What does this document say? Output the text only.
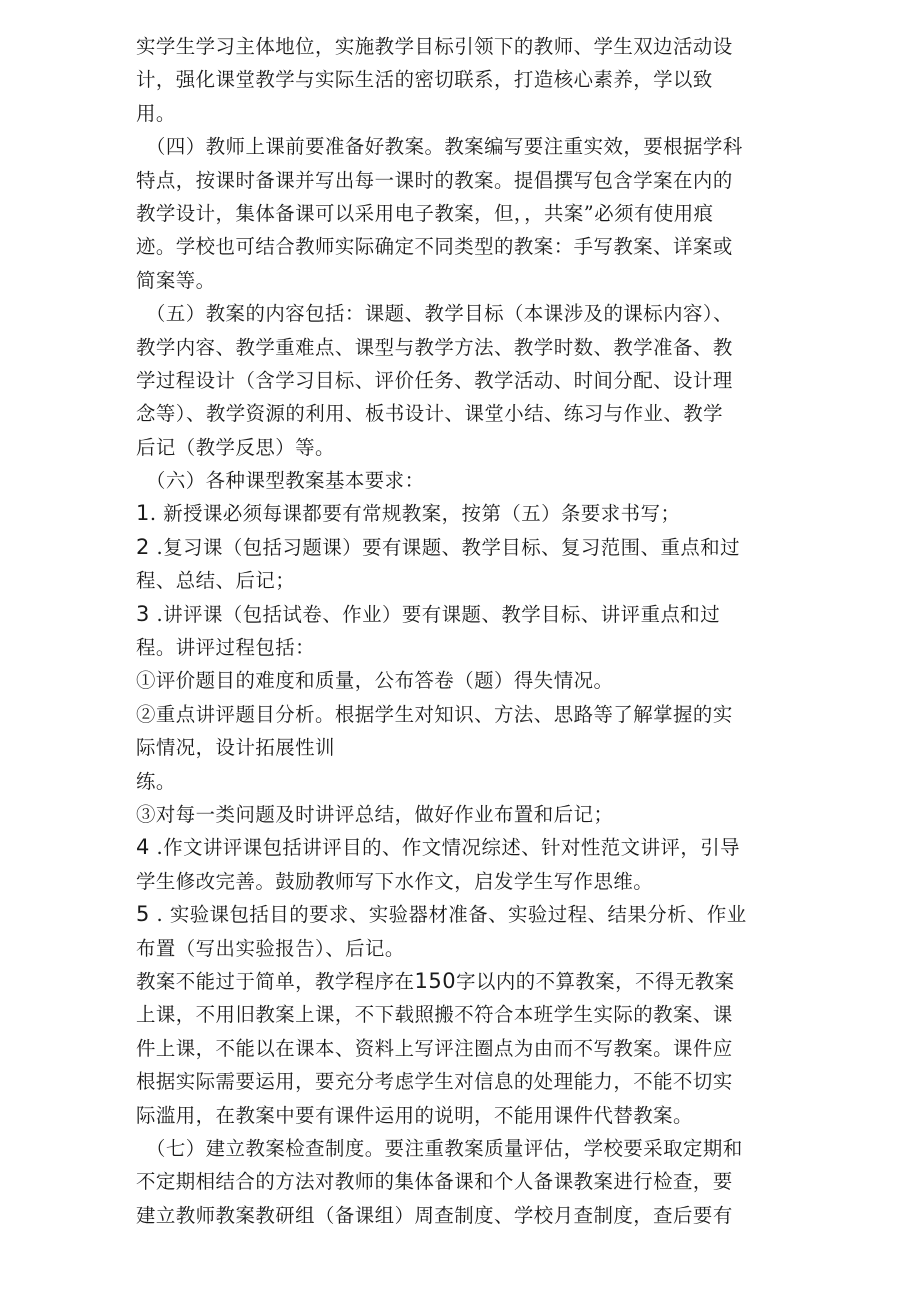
实学生学习主体地位，实施教学目标引领下的教师、学生双边活动设
计，强化课堂教学与实际生活的密切联系，打造核心素养，学以致
用。
（四）教师上课前要准备好教案。教案编写要注重实效，要根据学科
特点，按课时备课并写出每一课时的教案。提倡撰写包含学案在内的
教学设计，集体备课可以采用电子教案，但，，共案”必须有使用痕
迹。学校也可结合教师实际确定不同类型的教案：手写教案、详案或
简案等。
（五）教案的内容包括：课题、教学目标（本课涉及的课标内容）、
教学内容、教学重难点、课型与教学方法、教学时数、教学准备、教
学过程设计（含学习目标、评价任务、教学活动、时间分配、设计理
念等）、教学资源的利用、板书设计、课堂小结、练习与作业、教学
后记（教学反思）等。
（六）各种课型教案基本要求：
1. 新授课必须每课都要有常规教案，按第（五）条要求书写；
2 .复习课（包括习题课）要有课题、教学目标、复习范围、重点和过
程、总结、后记；
3 .讲评课（包括试卷、作业）要有课题、教学目标、讲评重点和过
程。讲评过程包括：
①评价题目的难度和质量，公布答卷（题）得失情况。
②重点讲评题目分析。根据学生对知识、方法、思路等了解掌握的实
际情况，设计拓展性训
练。
③对每一类问题及时讲评总结，做好作业布置和后记；
4 .作文讲评课包括讲评目的、作文情况综述、针对性范文讲评，引导
学生修改完善。鼓励教师写下水作文，启发学生写作思维。
5 . 实验课包括目的要求、实验器材准备、实验过程、结果分析、作业
布置（写出实验报告）、后记。
教案不能过于简单，教学程序在150字以内的不算教案，不得无教案
上课，不用旧教案上课，不下载照搬不符合本班学生实际的教案、课
件上课，不能以在课本、资料上写评注圈点为由而不写教案。课件应
根据实际需要运用，要充分考虑学生对信息的处理能力，不能不切实
际滥用，在教案中要有课件运用的说明，不能用课件代替教案。
（七）建立教案检查制度。要注重教案质量评估，学校要采取定期和
不定期相结合的方法对教师的集体备课和个人备课教案进行检查，要
建立教师教案教研组（备课组）周查制度、学校月查制度，查后要有
